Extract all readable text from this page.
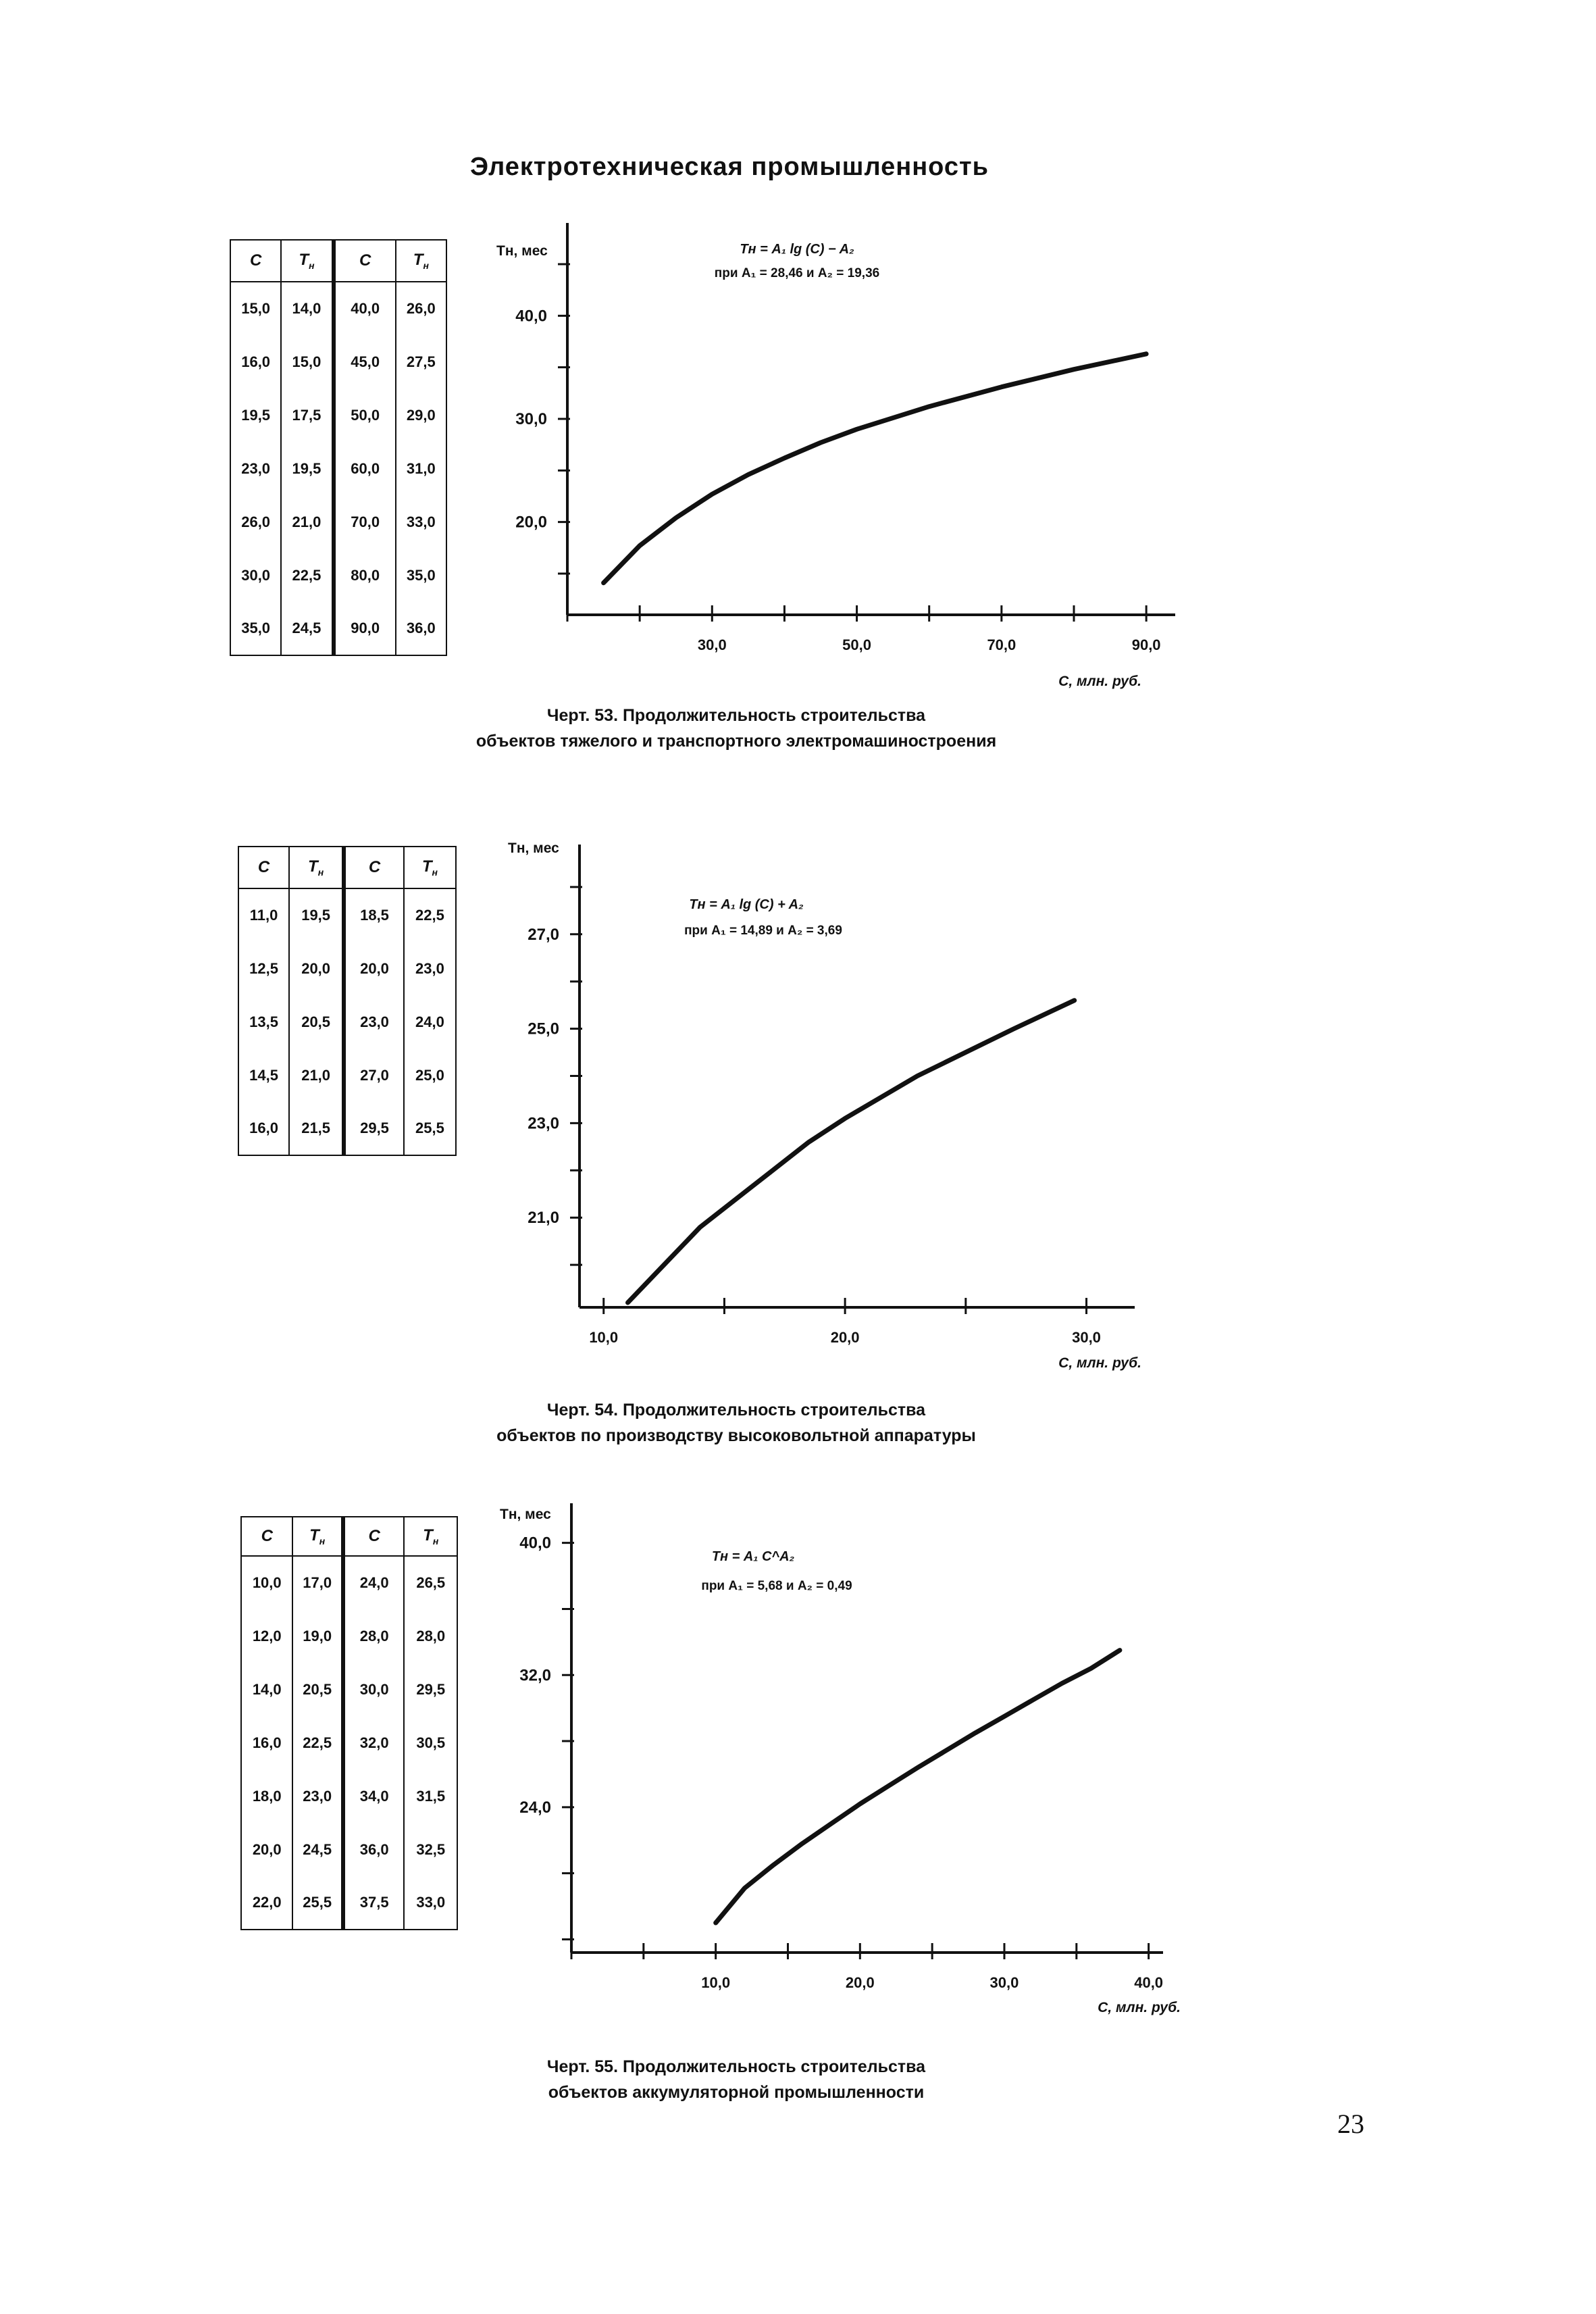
Электротехническая промышленность
C	$T_н$	C	$T_н$
15,0	14,0	40,0	26,0
16,0	15,0	45,0	27,5
19,5	17,5	50,0	29,0
23,0	19,5	60,0	31,0
26,0	21,0	70,0	33,0
30,0	22,5	80,0	35,0
35,0	24,5	90,0	36,0
Tн, мес
C, млн. руб.
Tн = A₁ lg (C) − A₂
при A₁ = 28,46 и A₂ = 19,36
30,0	50,0	70,0	90,0
20,0
30,0
40,0
Черт. 53. Продолжительность строительства
объектов тяжелого и транспортного электромашиностроения
C	$T_н$	C	$T_н$
11,0	19,5	18,5	22,5
12,5	20,0	20,0	23,0
13,5	20,5	23,0	24,0
14,5	21,0	27,0	25,0
16,0	21,5	29,5	25,5
Tн, мес
C, млн. руб.
Tн = A₁ lg (C) + A₂
при A₁ = 14,89 и A₂ = 3,69
10,0	20,0	30,0
21,0
23,0
25,0
27,0
Черт. 54. Продолжительность строительства
объектов по производству высоковольтной аппаратуры
C	$T_н$	C	$T_н$
10,0	17,0	24,0	26,5
12,0	19,0	28,0	28,0
14,0	20,5	30,0	29,5
16,0	22,5	32,0	30,5
18,0	23,0	34,0	31,5
20,0	24,5	36,0	32,5
22,0	25,5	37,5	33,0
Tн, мес
C, млн. руб.
Tн = A₁ C^A₂
при A₁ = 5,68 и A₂ = 0,49
10,0	20,0	30,0	40,0
24,0
32,0
40,0
Черт. 55. Продолжительность строительства
объектов аккумуляторной промышленности
23
